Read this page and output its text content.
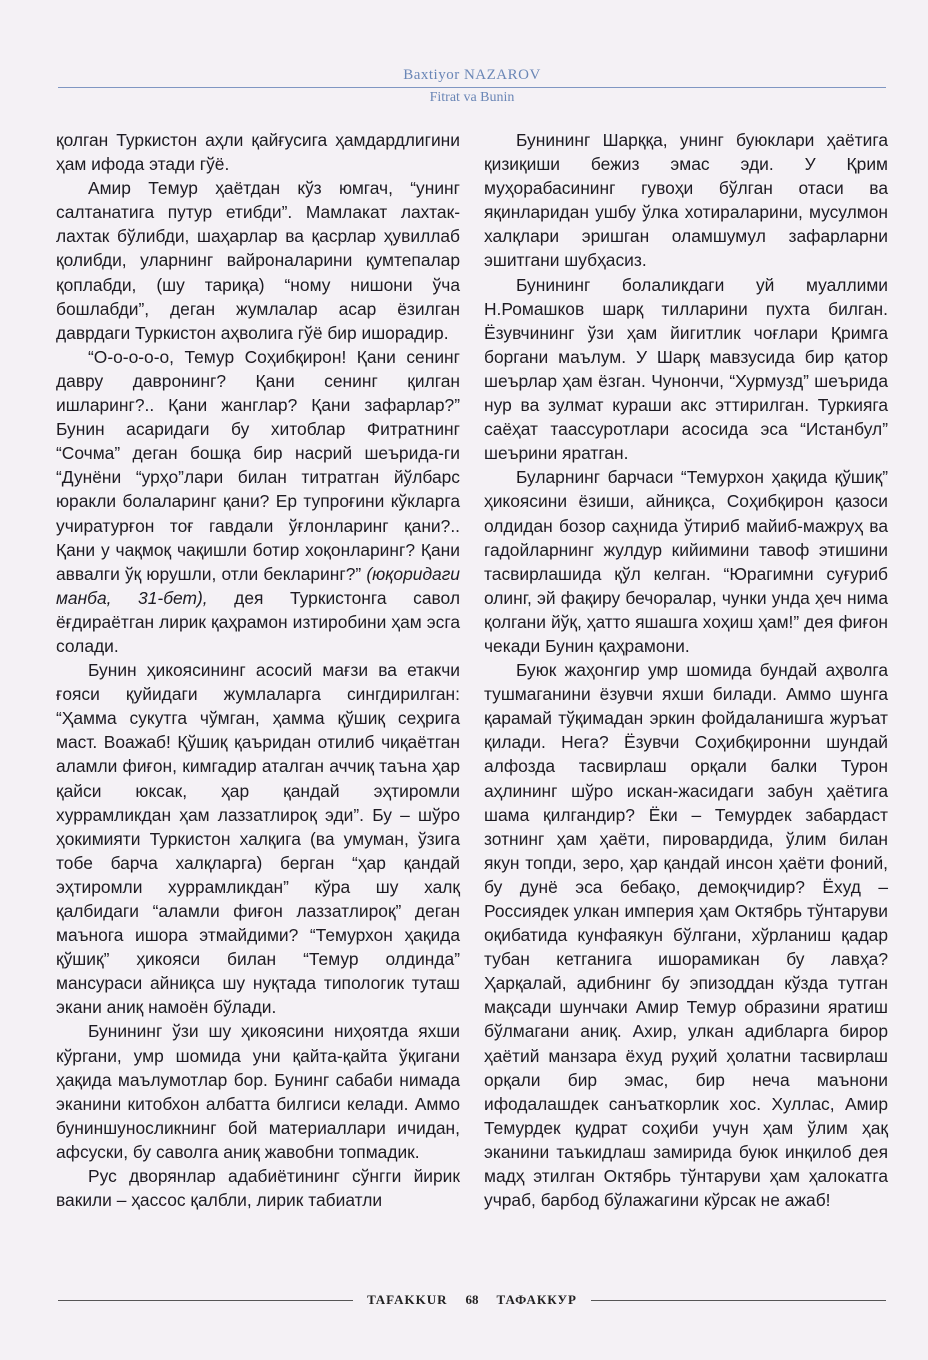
Baxtiyor NAZAROV
Fitrat va Bunin

қолган Туркистон аҳли қайғусига ҳамдардлигини ҳам ифода этади гўё.

Амир Темур ҳаётдан кўз юмгач, “унинг салтанатига путур етибди”. Мамлакат лахтак-лахтак бўлибди, шаҳарлар ва қасрлар ҳувиллаб қолибди, уларнинг вайроналарини қумтепалар қоплабди, (шу тариқа) “ному нишони ўча бошлабди”, деган жумлалар асар ёзилган даврдаги Туркистон аҳволига гўё бир ишорадир.

“О-о-о-о-о, Темур Соҳибқирон! Қани сенинг давру давронинг? Қани сенинг қилган ишларинг?.. Қани жанглар? Қани зафарлар?” Бунин асаридаги бу хитоблар Фитратнинг “Сочма” деган бошқа бир насрий шеърида-ги “Дунёни “урҳо”лари билан титратган йўлбарс юракли болаларинг қани? Ер тупроғини кўкларга учиратурғон тоғ гавдали ўғлонларинг қани?.. Қани у чақмоқ чақишли ботир хоқонларинг? Қани аввалги ўқ юрушли, отли бекларинг?” (юқоридаги манба, 31-бет), дея Туркистонга савол ёғдираётган лирик қаҳрамон изтиробини ҳам эсга солади.

Бунин ҳикоясининг асосий мағзи ва етакчи ғояси қуйидаги жумлаларга сингдирилган: “Ҳамма сукутга чўмган, ҳамма қўшиқ сеҳрига маст. Воажаб! Қўшиқ қаъридан отилиб чиқаётган аламли фиғон, кимгадир аталган аччиқ таъна ҳар қайси юксак, ҳар қандай эҳтиромли хуррамликдан ҳам лаззатлироқ эди”. Бу – шўро ҳокимияти Туркистон халқига (ва умуман, ўзига тобе барча халқларга) берган “ҳар қандай эҳтиромли хуррамликдан” кўра шу халқ қалбидаги “аламли фиғон лаззатлироқ” деган маънога ишора этмайдими? “Темурхон ҳақида қўшиқ” ҳикояси билан “Темур олдинда” мансураси айниқса шу нуқтада типологик туташ экани аниқ намоён бўлади.

Бунининг ўзи шу ҳикоясини ниҳоятда яхши кўргани, умр шомида уни қайта-қайта ўқигани ҳақида маълумотлар бор. Бунинг сабаби нимада эканини китобхон албатта билгиси келади. Аммо буниншуносликнинг бой материаллари ичидан, афсуски, бу саволга аниқ жавобни топмадик.

Рус дворянлар адабиётининг сўнгги йирик вакили – ҳассос қалбли, лирик табиатли

Бунининг Шарққа, унинг буюклари ҳаётига қизиқиши бежиз эмас эди. У Қрим муҳорабасининг гувоҳи бўлган отаси ва яқинларидан ушбу ўлка хотираларини, мусулмон халқлари эришган оламшумул зафарларни эшитгани шубҳасиз.

Бунининг болаликдаги уй муаллими Н.Ромашков шарқ тилларини пухта билган. Ёзувчининг ўзи ҳам йигитлик чоғлари Қримга боргани маълум. У Шарқ мавзусида бир қатор шеърлар ҳам ёзган. Чунончи, “Хурмузд” шеърида нур ва зулмат кураши акс эттирилган. Туркияга саёҳат таассуротлари асосида эса “Истанбул” шеърини яратган.

Буларнинг барчаси “Темурхон ҳақида қўшиқ” ҳикоясини ёзиши, айниқса, Соҳибқирон қазоси олдидан бозор саҳнида ўтириб майиб-мажруҳ ва гадойларнинг жулдур кийимини тавоф этишини тасвирлашида қўл келган. “Юрагимни суғуриб олинг, эй фақиру бечоралар, чунки унда ҳеч нима қолгани йўқ, ҳатто яшашга хоҳиш ҳам!” дея фиғон чекади Бунин қаҳрамони.

Буюк жаҳонгир умр шомида бундай аҳволга тушмаганини ёзувчи яхши билади. Аммо шунга қарамай тўқимадан эркин фойдаланишга журъат қилади. Нега? Ёзувчи Соҳибқиронни шундай алфозда тасвирлаш орқали балки Турон аҳлининг шўро искан-жасидаги забун ҳаётига шама қилгандир? Ёки – Темурдек забардаст зотнинг ҳам ҳаёти, пировардида, ўлим билан якун топди, зеро, ҳар қандай инсон ҳаёти фоний, бу дунё эса бебақо, демоқчидир? Ёхуд – Россиядек улкан империя ҳам Октябрь тўнтаруви оқибатида кунфаякун бўлгани, хўрланиш қадар тубан кетганига ишорамикан бу лавҳа? Ҳарқалай, адибнинг бу эпизоддан кўзда тутган мақсади шунчаки Амир Темур образини яратиш бўлмагани аниқ. Ахир, улкан адибларга бирор ҳаётий манзара ёхуд руҳий ҳолатни тасвирлаш орқали бир эмас, бир неча маънони ифодалашдек санъаткорлик хос. Хуллас, Амир Темурдек қудрат соҳиби учун ҳам ўлим ҳақ эканини таъкидлаш замирида буюк инқилоб дея мадҳ этилган Октябрь тўнтаруви ҳам ҳалокатга учраб, барбод бўлажагини кўрсак не ажаб!

TAFAKKUR 68 ТАФАККУР
